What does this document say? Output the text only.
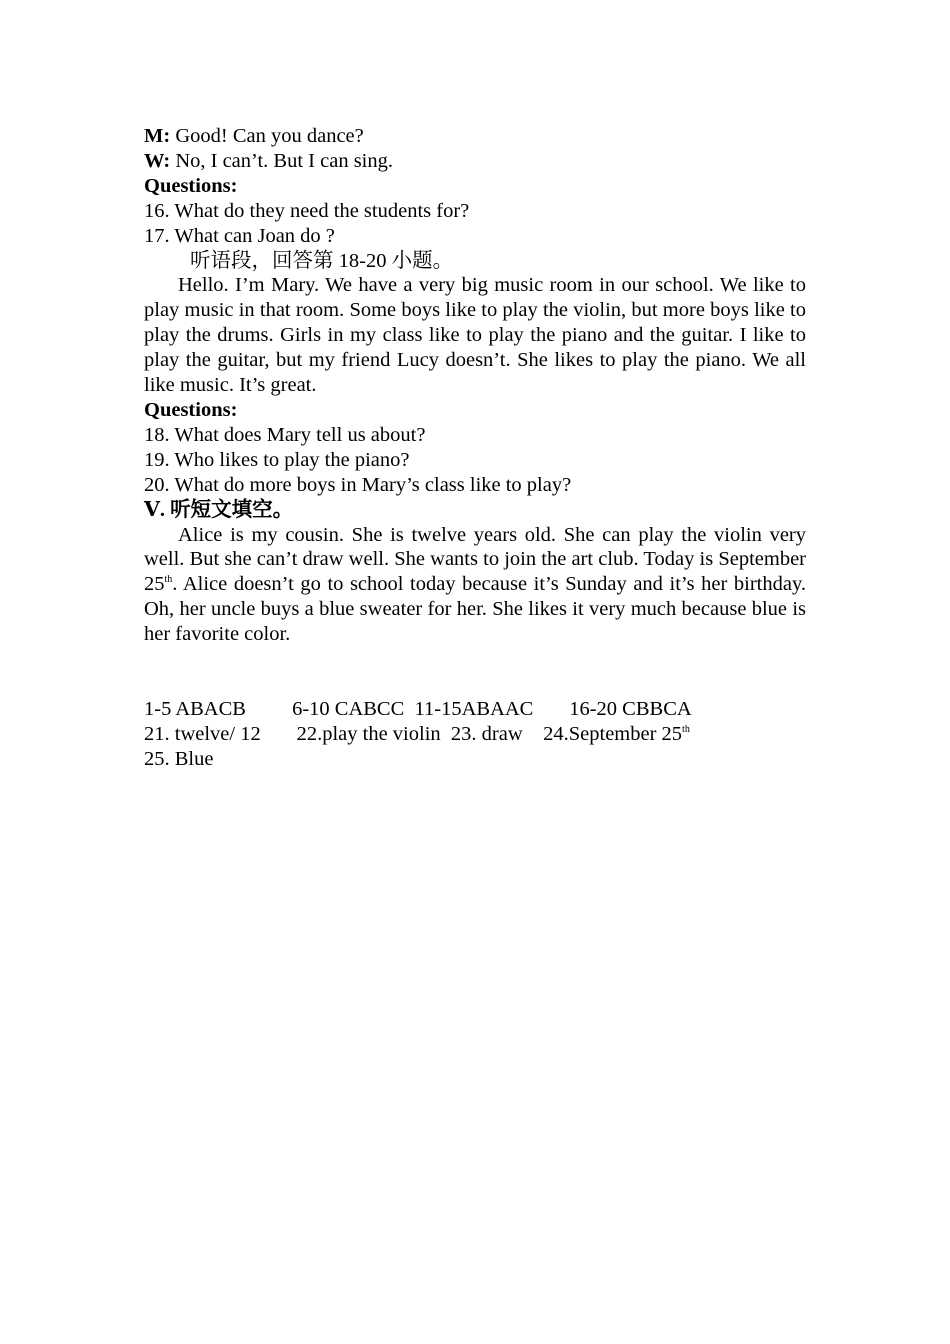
M: Good! Can you dance?
W: No, I can’t. But I can sing.
Questions:
16. What do they need the students for?
17. What can Joan do ?
听语段，回答第 18-20 小题。
Hello. I’m Mary. We have a very big music room in our school. We like to play music in that room. Some boys like to play the violin, but more boys like to play the drums. Girls in my class like to play the piano and the guitar. I like to play the guitar, but my friend Lucy doesn’t. She likes to play the piano. We all like music. It’s great.
Questions:
18. What does Mary tell us about?
19. Who likes to play the piano?
20. What do more boys in Mary’s class like to play?
Ⅴ. 听短文填空。
Alice is my cousin. She is twelve years old. She can play the violin very well. But she can’t draw well. She wants to join the art club. Today is September 25th. Alice doesn’t go to school today because it’s Sunday and it’s her birthday. Oh, her uncle buys a blue sweater for her. She likes it very much because blue is her favorite color.
1-5 ABACB         6-10 CABCC  11-15ABAAC       16-20 CBBCA
21. twelve/ 12       22.play the violin  23. draw    24.September 25th
25. Blue
